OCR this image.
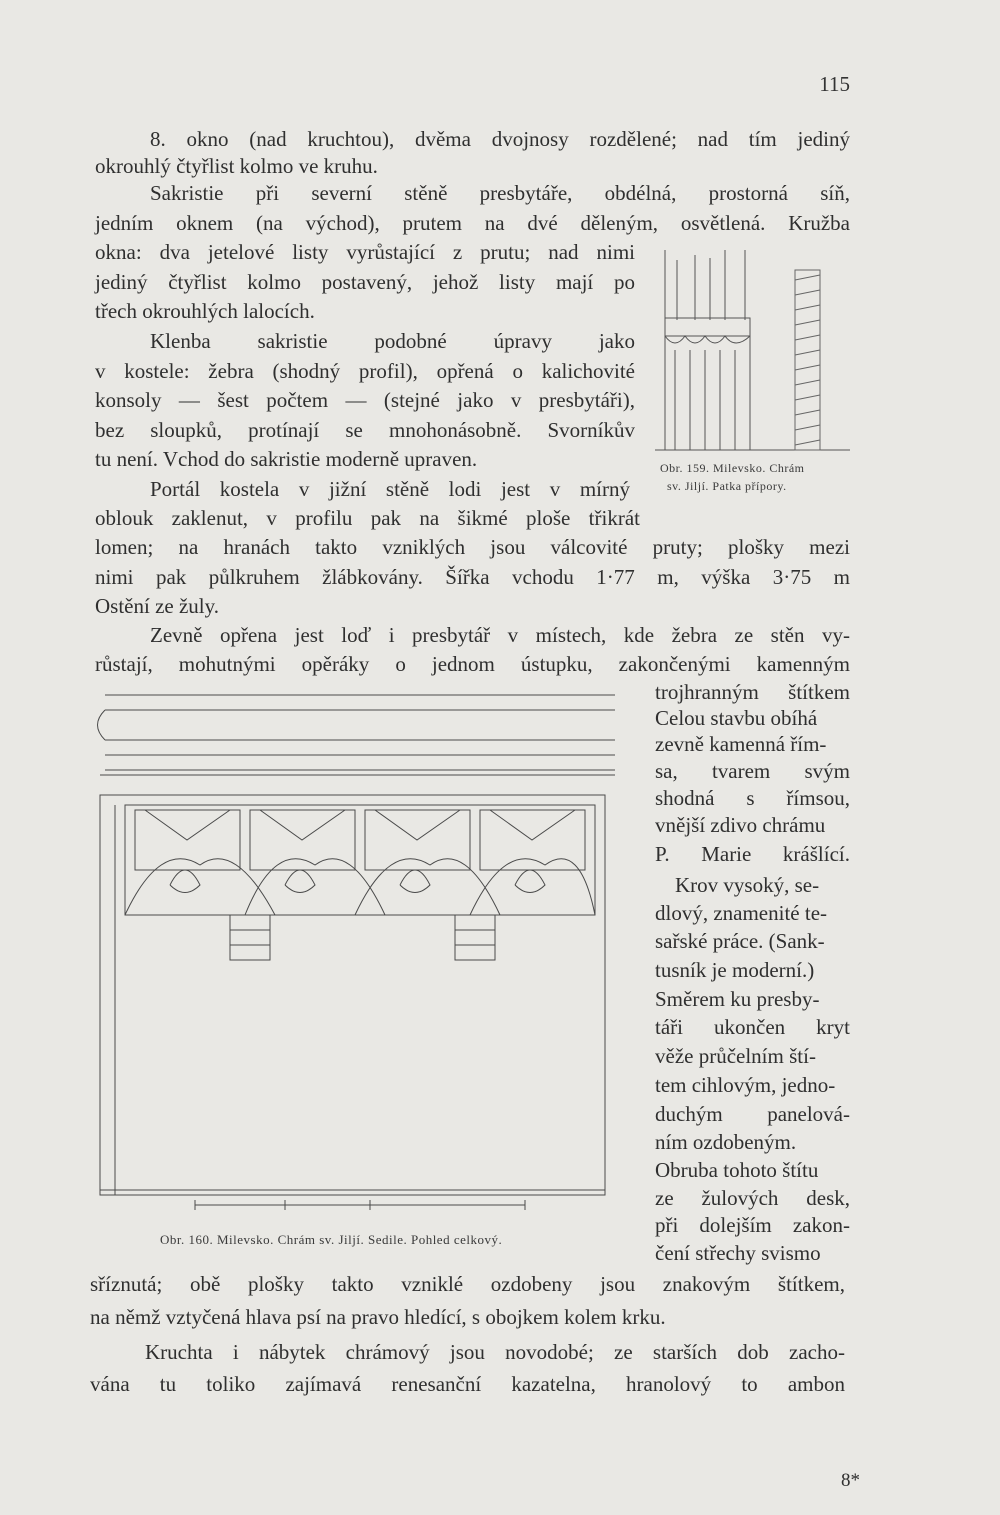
115
8. okno (nad kruchtou), dvěma dvojnosy rozdělené; nad tím jediný
okrouhlý čtyřlist kolmo ve kruhu.
Sakristie při severní stěně presbytáře, obdélná, prostorná síň,
jedním oknem (na východ), prutem na dvé děleným, osvětlená. Kružba
okna: dva jetelové listy vyrůstající z prutu; nad nimi
jediný čtyřlist kolmo postavený, jehož listy mají po
třech okrouhlých lalocích.
Klenba sakristie podobné úpravy jako
v kostele: žebra (shodný profil), opřená o kalichovité
konsoly — šest počtem — (stejné jako v presbytáři),
bez sloupků, protínají se mnohonásobně. Svorníkův
tu není. Vchod do sakristie moderně upraven.
Portál kostela v jižní stěně lodi jest v mírný
oblouk zaklenut, v profilu pak na šikmé ploše třikrát
lomen; na hranách takto vzniklých jsou válcovité pruty; plošky mezi
nimi pak půlkruhem žlábkovány. Šířka vchodu 1·77 m, výška 3·75 m
Ostění ze žuly.
Zevně opřena jest loď i presbytář v místech, kde žebra ze stěn vy-
růstají, mohutnými opěráky o jednom ústupku, zakončenými kamenným
Obr. 159. Milevsko. Chrám
sv. Jiljí. Patka přípory.
Obr. 160. Milevsko. Chrám sv. Jiljí. Sedile. Pohled celkový.
trojhranným štítkem
Celou stavbu obíhá
zevně kamenná řím-
sa, tvarem svým
shodná s římsou,
vnější zdivo chrámu
P. Marie krášlící.
Krov vysoký, se-
dlový, znamenité te-
sařské práce. (Sank-
tusník je moderní.)
Směrem ku presby-
táři ukončen kryt
věže průčelním ští-
tem cihlovým, jedno-
duchým panelová-
ním ozdobeným.
Obruba tohoto štítu
ze žulových desk,
při dolejším zakon-
čení střechy svismo
sříznutá; obě plošky takto vzniklé ozdobeny jsou znakovým štítkem,
na němž vztyčená hlava psí na pravo hledící, s obojkem kolem krku.
Kruchta i nábytek chrámový jsou novodobé; ze starších dob zacho-
vána tu toliko zajímavá renesanční kazatelna, hranolový to ambon
8*
